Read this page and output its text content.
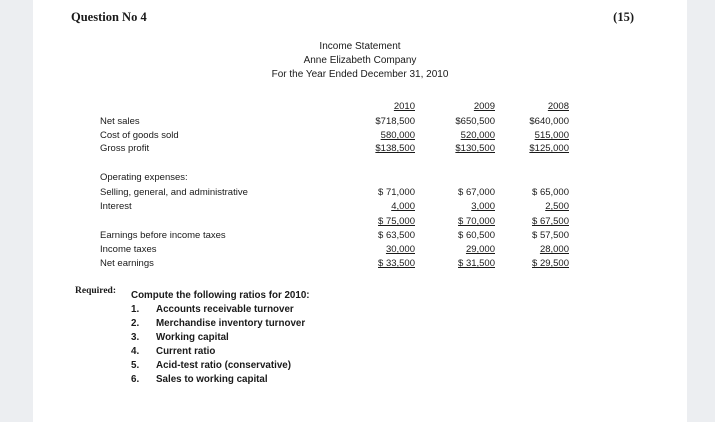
Question No 4	(15)
Income Statement
Anne Elizabeth Company
For the Year Ended December 31, 2010
2010	2009	2008
Net sales	$718,500	$650,500	$640,000
Cost of goods sold	580,000	520,000	515,000
Gross profit	$138,500	$130,500	$125,000
Operating expenses:
Selling, general, and administrative	$ 71,000	$ 67,000	$ 65,000
Interest	4,000	3,000	2,500
$ 75,000	$ 70,000	$ 67,500
Earnings before income taxes	$ 63,500	$ 60,500	$ 57,500
Income taxes	30,000	29,000	28,000
Net earnings	$ 33,500	$ 31,500	$ 29,500
Required: Compute the following ratios for 2010:
1. Accounts receivable turnover
2. Merchandise inventory turnover
3. Working capital
4. Current ratio
5. Acid-test ratio (conservative)
6. Sales to working capital
